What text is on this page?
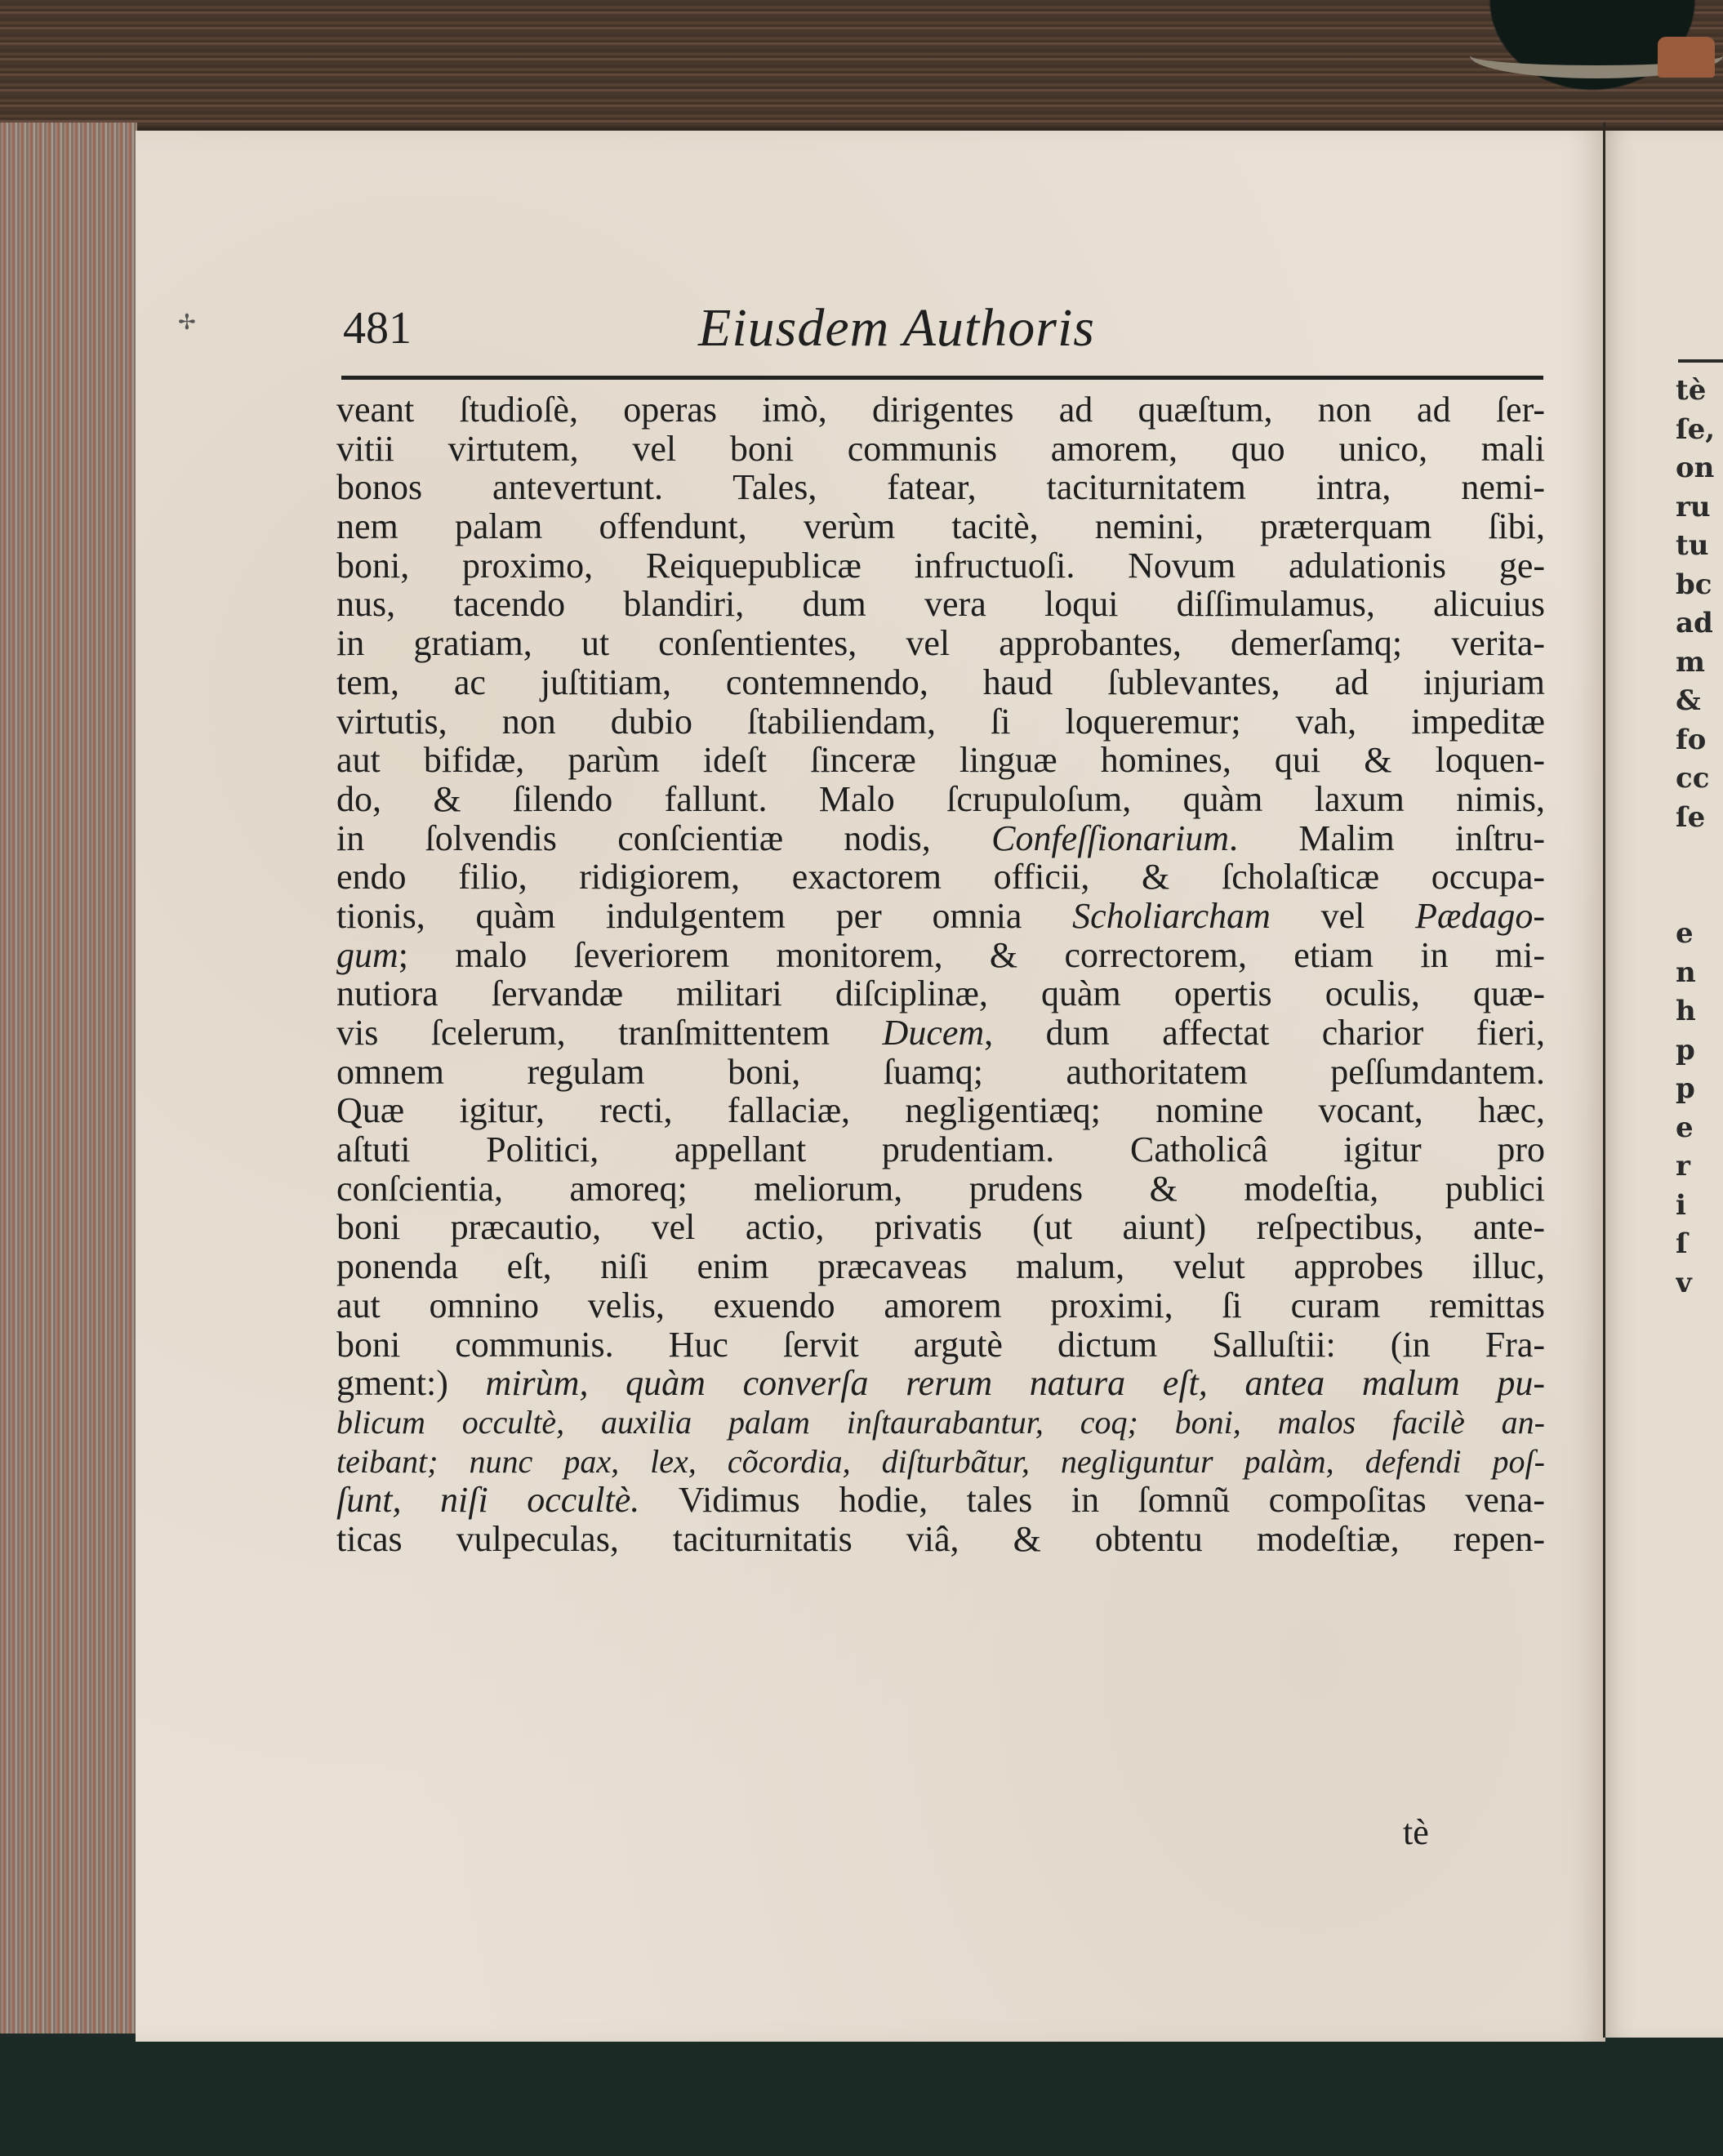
tè
ſe,
on
ru
tu
bc
ad
m
&
fo
cc
ſe

e
n
h
p
p
e
r
i
ſ
v
✢	481	Eiusdem Authoris
veant ſtudioſè, operas imò, dirigentes ad quæſtum, non ad ſer-
vitii virtutem, vel boni communis amorem, quo unico, mali
bonos antevertunt. Tales, fatear, taciturnitatem intra, nemi-
nem palam offendunt, verùm tacitè, nemini, præterquam ſibi,
boni, proximo, Reiquepublicæ infructuoſi. Novum adulationis ge-
nus, tacendo blandiri, dum vera loqui diſſimulamus, alicuius
in gratiam, ut conſentientes, vel approbantes, demerſamq; verita-
tem, ac juſtitiam, contemnendo, haud ſublevantes, ad injuriam
virtutis, non dubio ſtabiliendam, ſi loqueremur; vah, impeditæ
aut bifidæ, parùm ideſt ſinceræ linguæ homines, qui & loquen-
do, & ſilendo fallunt. Malo ſcrupuloſum, quàm laxum nimis,
in ſolvendis conſcientiæ nodis, Confeſſionarium. Malim inſtru-
endo filio, ridigiorem, exactorem officii, & ſcholaſticæ occupa-
tionis, quàm indulgentem per omnia Scholiarcham vel Pædago-
gum; malo ſeveriorem monitorem, & correctorem, etiam in mi-
nutiora ſervandæ militari diſciplinæ, quàm opertis oculis, quæ-
vis ſcelerum, tranſmittentem Ducem, dum affectat charior fieri,
omnem regulam boni, ſuamq; authoritatem peſſumdantem.
Quæ igitur, recti, fallaciæ, negligentiæq; nomine vocant, hæc,
aſtuti Politici, appellant prudentiam. Catholicâ igitur pro
conſcientia, amoreq; meliorum, prudens & modeſtia, publici
boni præcautio, vel actio, privatis (ut aiunt) reſpectibus, ante-
ponenda eſt, niſi enim præcaveas malum, velut approbes illuc,
aut omnino velis, exuendo amorem proximi, ſi curam remittas
boni communis. Huc ſervit argutè dictum Salluſtii: (in Fra-
gment:) mirùm, quàm converſa rerum natura eſt, antea malum pu-
blicum occultè, auxilia palam inſtaurabantur, coq; boni, malos facilè an-
teibant; nunc pax, lex, cõcordia, diſturbãtur, negliguntur palàm, defendi poſ-
ſunt, niſi occultè. Vidimus hodie, tales in ſomnũ compoſitas vena-
ticas vulpeculas, taciturnitatis viâ, & obtentu modeſtiæ, repen-
tè
